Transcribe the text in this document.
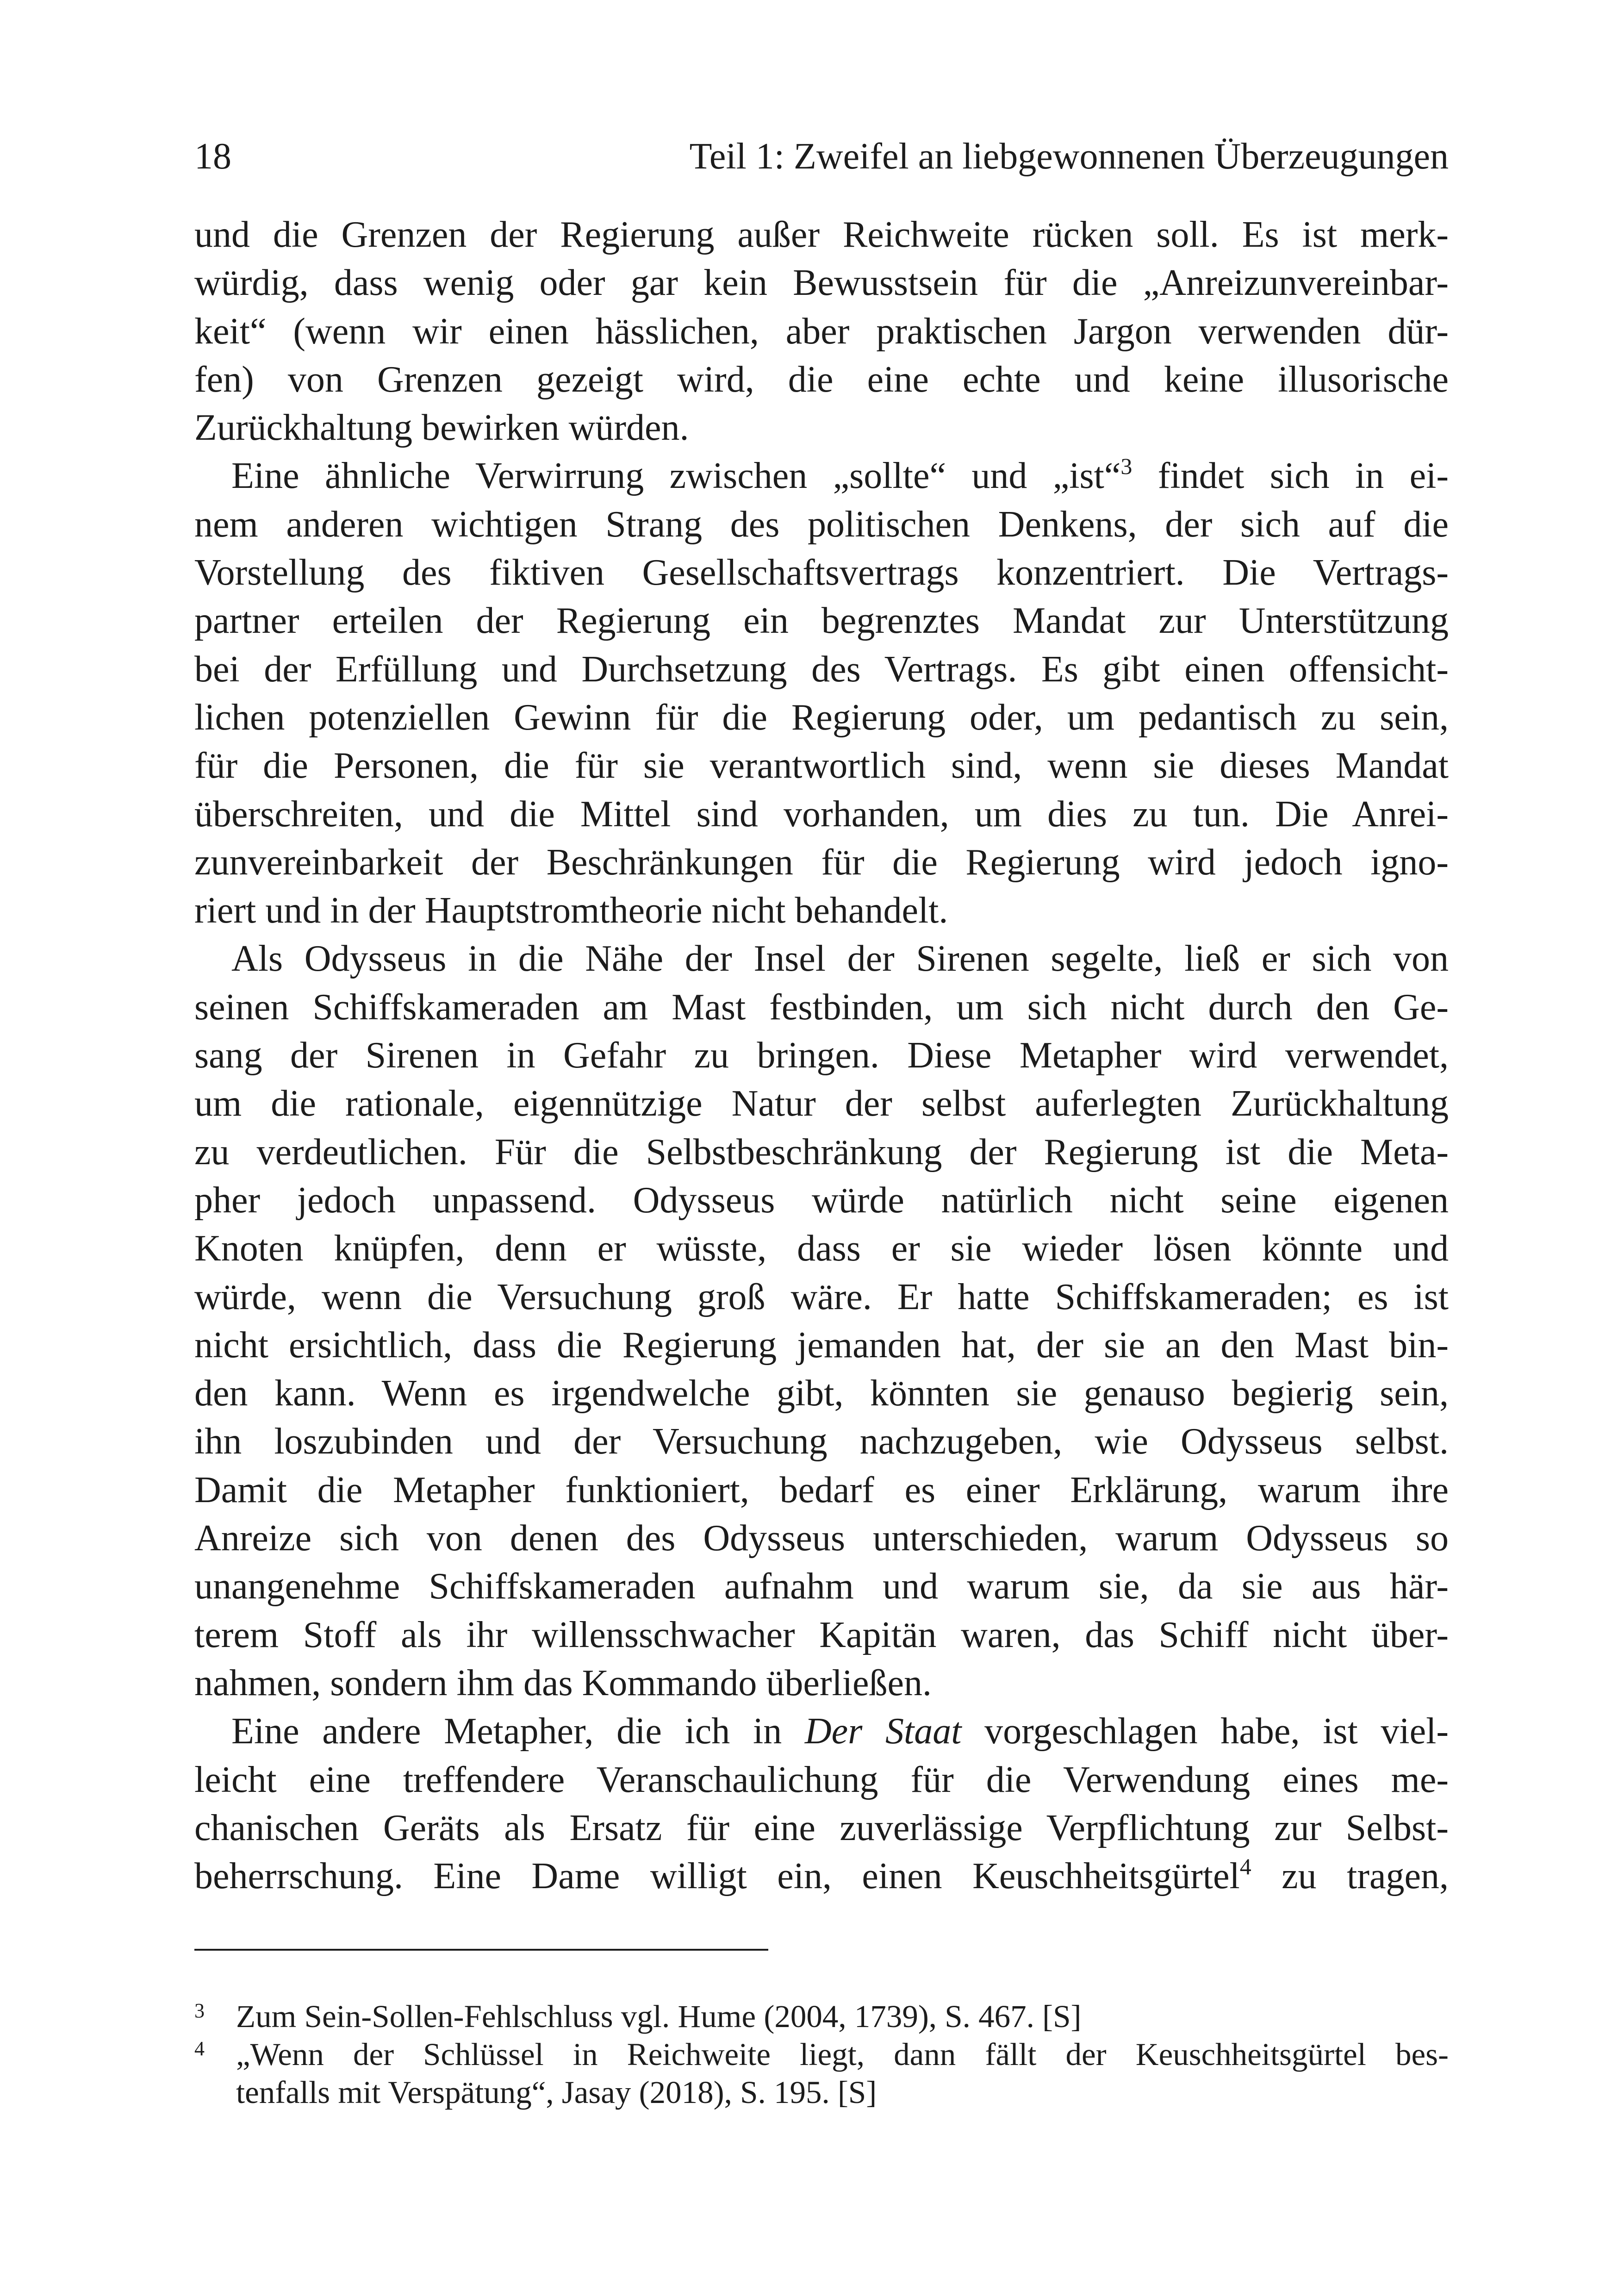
18	Teil 1: Zweifel an liebgewonnenen Überzeugungen
und die Grenzen der Regierung außer Reichweite rücken soll. Es ist merk-
würdig, dass wenig oder gar kein Bewusstsein für die „Anreizunvereinbar-
keit“ (wenn wir einen hässlichen, aber praktischen Jargon verwenden dür-
fen) von Grenzen gezeigt wird, die eine echte und keine illusorische
Zurückhaltung bewirken würden.
Eine ähnliche Verwirrung zwischen „sollte“ und „ist“$^3$ findet sich in ei-
nem anderen wichtigen Strang des politischen Denkens, der sich auf die
Vorstellung des fiktiven Gesellschaftsvertrags konzentriert. Die Vertrags-
partner erteilen der Regierung ein begrenztes Mandat zur Unterstützung
bei der Erfüllung und Durchsetzung des Vertrags. Es gibt einen offensicht-
lichen potenziellen Gewinn für die Regierung oder, um pedantisch zu sein,
für die Personen, die für sie verantwortlich sind, wenn sie dieses Mandat
überschreiten, und die Mittel sind vorhanden, um dies zu tun. Die Anrei-
zunvereinbarkeit der Beschränkungen für die Regierung wird jedoch igno-
riert und in der Hauptstromtheorie nicht behandelt.
Als Odysseus in die Nähe der Insel der Sirenen segelte, ließ er sich von
seinen Schiffskameraden am Mast festbinden, um sich nicht durch den Ge-
sang der Sirenen in Gefahr zu bringen. Diese Metapher wird verwendet,
um die rationale, eigennützige Natur der selbst auferlegten Zurückhaltung
zu verdeutlichen. Für die Selbstbeschränkung der Regierung ist die Meta-
pher jedoch unpassend. Odysseus würde natürlich nicht seine eigenen
Knoten knüpfen, denn er wüsste, dass er sie wieder lösen könnte und
würde, wenn die Versuchung groß wäre. Er hatte Schiffskameraden; es ist
nicht ersichtlich, dass die Regierung jemanden hat, der sie an den Mast bin-
den kann. Wenn es irgendwelche gibt, könnten sie genauso begierig sein,
ihn loszubinden und der Versuchung nachzugeben, wie Odysseus selbst.
Damit die Metapher funktioniert, bedarf es einer Erklärung, warum ihre
Anreize sich von denen des Odysseus unterschieden, warum Odysseus so
unangenehme Schiffskameraden aufnahm und warum sie, da sie aus här-
terem Stoff als ihr willensschwacher Kapitän waren, das Schiff nicht über-
nahmen, sondern ihm das Kommando überließen.
Eine andere Metapher, die ich in Der Staat vorgeschlagen habe, ist viel-
leicht eine treffendere Veranschaulichung für die Verwendung eines me-
chanischen Geräts als Ersatz für eine zuverlässige Verpflichtung zur Selbst-
beherrschung. Eine Dame willigt ein, einen Keuschheitsgürtel$^4$ zu tragen,
3 Zum Sein-Sollen-Fehlschluss vgl. Hume (2004, 1739), S. 467. [S]
4 „Wenn der Schlüssel in Reichweite liegt, dann fällt der Keuschheitsgürtel bes-
tenfalls mit Verspätung“, Jasay (2018), S. 195. [S]
